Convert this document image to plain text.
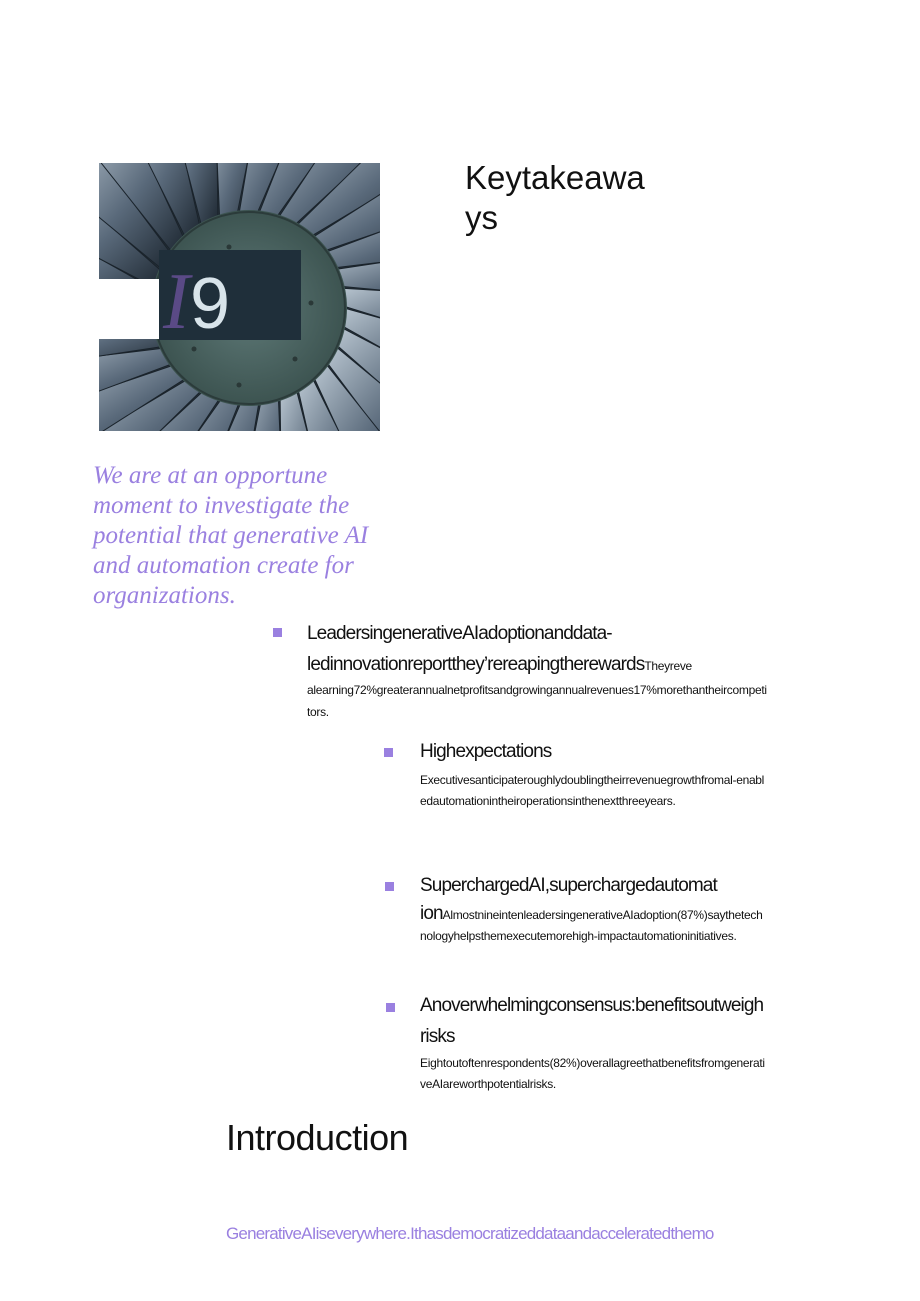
I 9
Keytakeaways
We are at an opportune moment to investigate the potential that generative AI and automation create for organizations.
LeadersingenerativeAIadoptionanddata-
ledinnovationreportthey’rereapingtherewardsTheyreve
alearning72%greaterannualnetprofitsandgrowingannualrevenues17%morethantheircompetitors.
Highexpectations
Executivesanticipateroughlydoublingtheirrevenuegrowthfromal-enabledautomationintheiroperationsinthenextthreeyears.
SuperchargedAI,superchargedautomat
ionAlmostnineintenleadersingenerativeAIadoption(87%)saythetechnologyhelpsthemexecutemorehigh-impactautomationinitiatives.
Anoverwhelmingconsensus:benefitsoutweighrisks
Eightoutoftenrespondents(82%)overallagreethatbenefitsfromgenerativeAIareworthpotentialrisks.
Introduction
GenerativeAIiseverywhere.Ithasdemocratizeddataandacceleratedthemo
